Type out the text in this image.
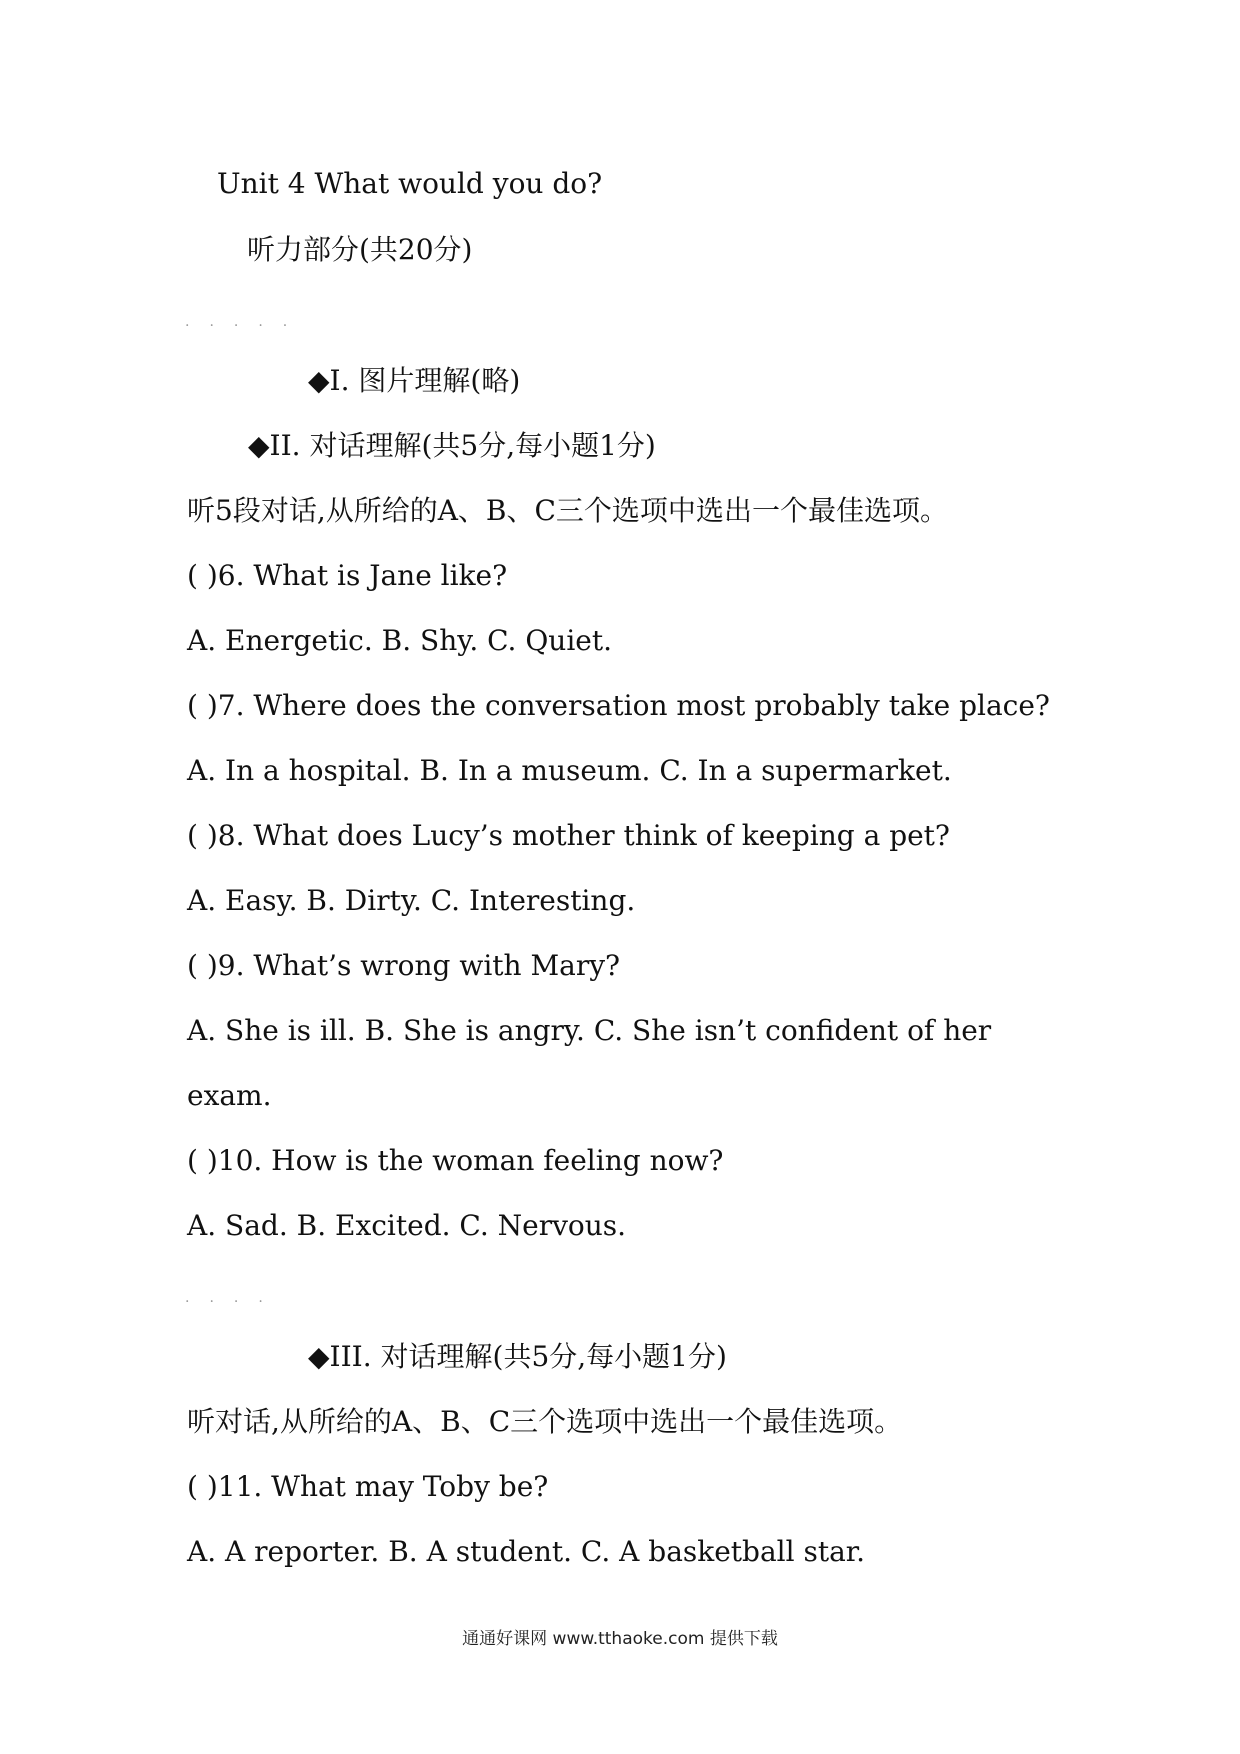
Unit 4 What would you do?
听力部分(共20分)
.....
◆I. 图片理解(略)
◆II. 对话理解(共5分,每小题1分)
听5段对话,从所给的A、B、C三个选项中选出一个最佳选项。
( )6. What is Jane like?
A. Energetic. B. Shy. C. Quiet.
( )7. Where does the conversation most probably take place?
A. In a hospital. B. In a museum. C. In a supermarket.
( )8. What does Lucy’s mother think of keeping a pet?
A. Easy. B. Dirty. C. Interesting.
( )9. What’s wrong with Mary?
A. She is ill. B. She is angry. C. She isn’t confident of her
exam.
( )10. How is the woman feeling now?
A. Sad. B. Excited. C. Nervous.
....
◆III. 对话理解(共5分,每小题1分)
听对话,从所给的A、B、C三个选项中选出一个最佳选项。
( )11. What may Toby be?
A. A reporter. B. A student. C. A basketball star.
通通好课网 www.tthaoke.com 提供下载
